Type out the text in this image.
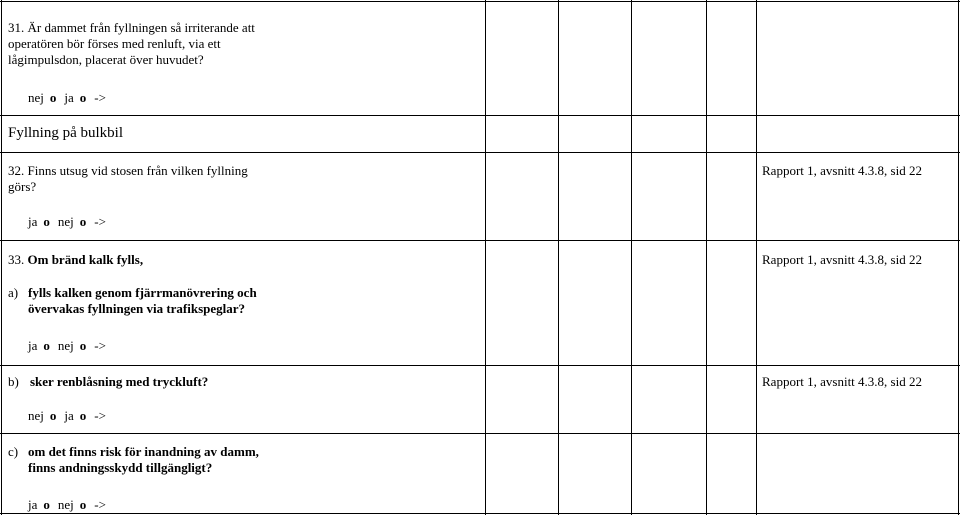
31. Är dammet från fyllningen så irriterande att operatören bör förses med renluft, via ett lågimpulsdon, placerat över huvudet?
nej o ja o ->
Fyllning på bulkbil
32. Finns utsug vid stosen från vilken fyllning görs?
Rapport 1, avsnitt 4.3.8, sid 22
ja o nej o ->
33. Om bränd kalk fylls,	Rapport 1, avsnitt 4.3.8, sid 22
a) fylls kalken genom fjärrmanövrering och övervakas fyllningen via trafikspeglar?
ja o nej o ->
b) sker renblåsning med tryckluft?	Rapport 1, avsnitt 4.3.8, sid 22
nej o ja o ->
c) om det finns risk för inandning av damm, finns andningsskydd tillgängligt?
ja o nej o ->
